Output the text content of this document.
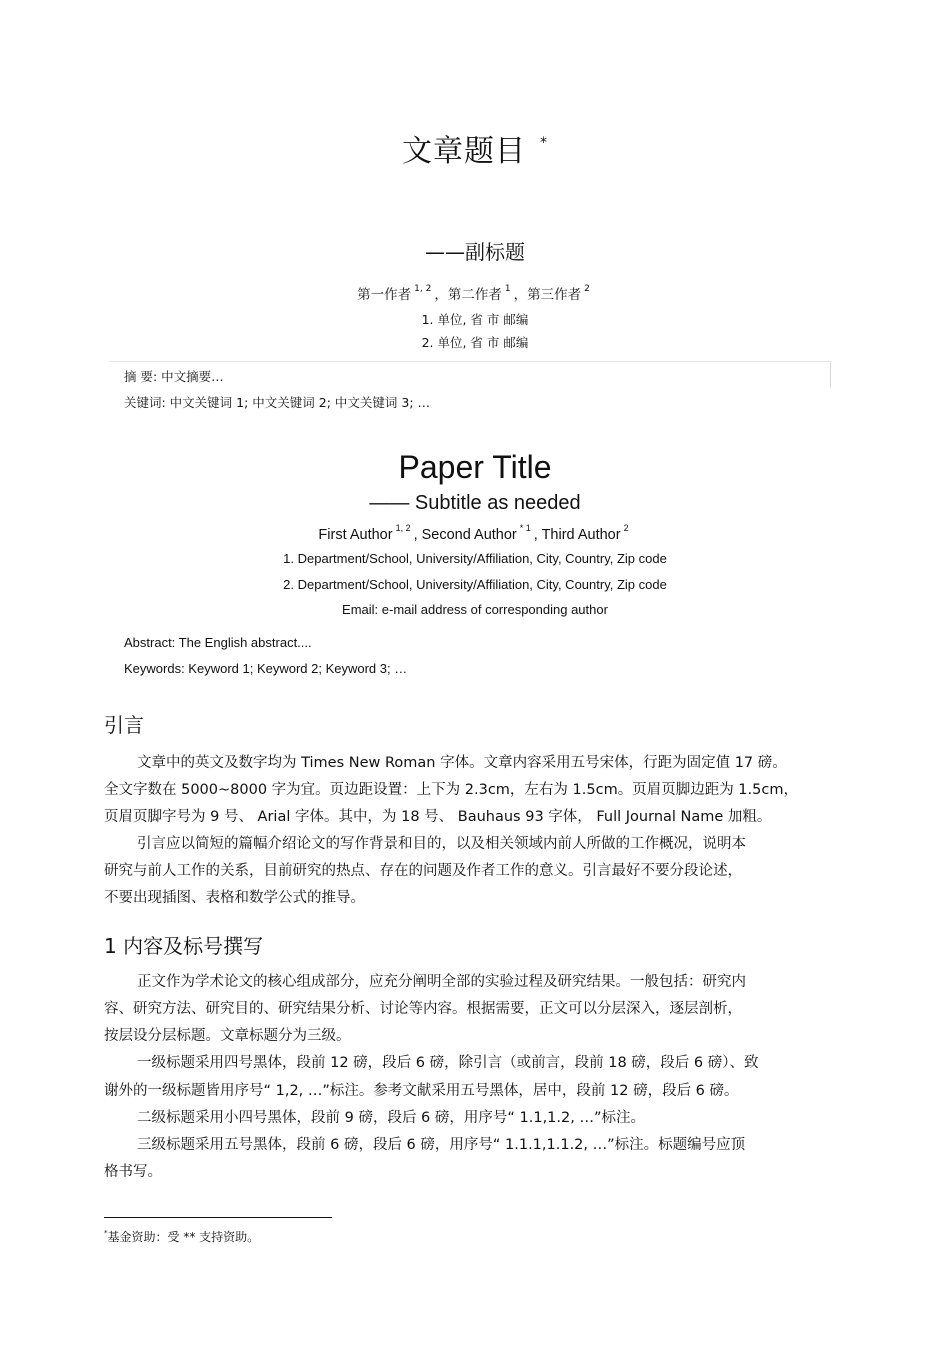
文章题目 *
——副标题
第一作者 $^{1, 2}$ ，第二作者 $^1$ ，第三作者 $^2$
1. 单位, 省 市 邮编
2. 单位, 省 市 邮编
摘 要: 中文摘要…
关键词: 中文关键词 1; 中文关键词 2; 中文关键词 3; …
Paper Title
—— Subtitle as needed
First Author $^{1, 2}$ , Second Author $^{* 1}$ , Third Author $^2$
1. Department/School, University/Affiliation, City, Country, Zip code
2. Department/School, University/Affiliation, City, Country, Zip code
Email: e-mail address of corresponding author
Abstract: The English abstract....
Keywords: Keyword 1; Keyword 2; Keyword 3; …
引言
文章中的英文及数字均为 Times New Roman 字体。文章内容采用五号宋体，行距为固定值 17 磅。
全文字数在 5000~8000 字为宜。页边距设置：上下为 2.3cm，左右为 1.5cm。页眉页脚边距为 1.5cm，
页眉页脚字号为 9 号、 Arial 字体。其中，为 18 号、 Bauhaus 93 字体， Full Journal Name 加粗。
引言应以简短的篇幅介绍论文的写作背景和目的，以及相关领域内前人所做的工作概况，说明本
研究与前人工作的关系，目前研究的热点、存在的问题及作者工作的意义。引言最好不要分段论述，
不要出现插图、表格和数学公式的推导。
1 内容及标号撰写
正文作为学术论文的核心组成部分，应充分阐明全部的实验过程及研究结果。一般包括：研究内
容、研究方法、研究目的、研究结果分析、讨论等内容。根据需要，正文可以分层深入，逐层剖析，
按层设分层标题。文章标题分为三级。
一级标题采用四号黑体，段前 12 磅，段后 6 磅，除引言（或前言，段前 18 磅，段后 6 磅）、致
谢外的一级标题皆用序号“ 1,2, …”标注。参考文献采用五号黑体，居中，段前 12 磅，段后 6 磅。
二级标题采用小四号黑体，段前 9 磅，段后 6 磅，用序号“ 1.1,1.2, …”标注。
三级标题采用五号黑体，段前 6 磅，段后 6 磅，用序号“ 1.1.1,1.1.2, …”标注。标题编号应顶
格书写。
*基金资助：受 ** 支持资助。
